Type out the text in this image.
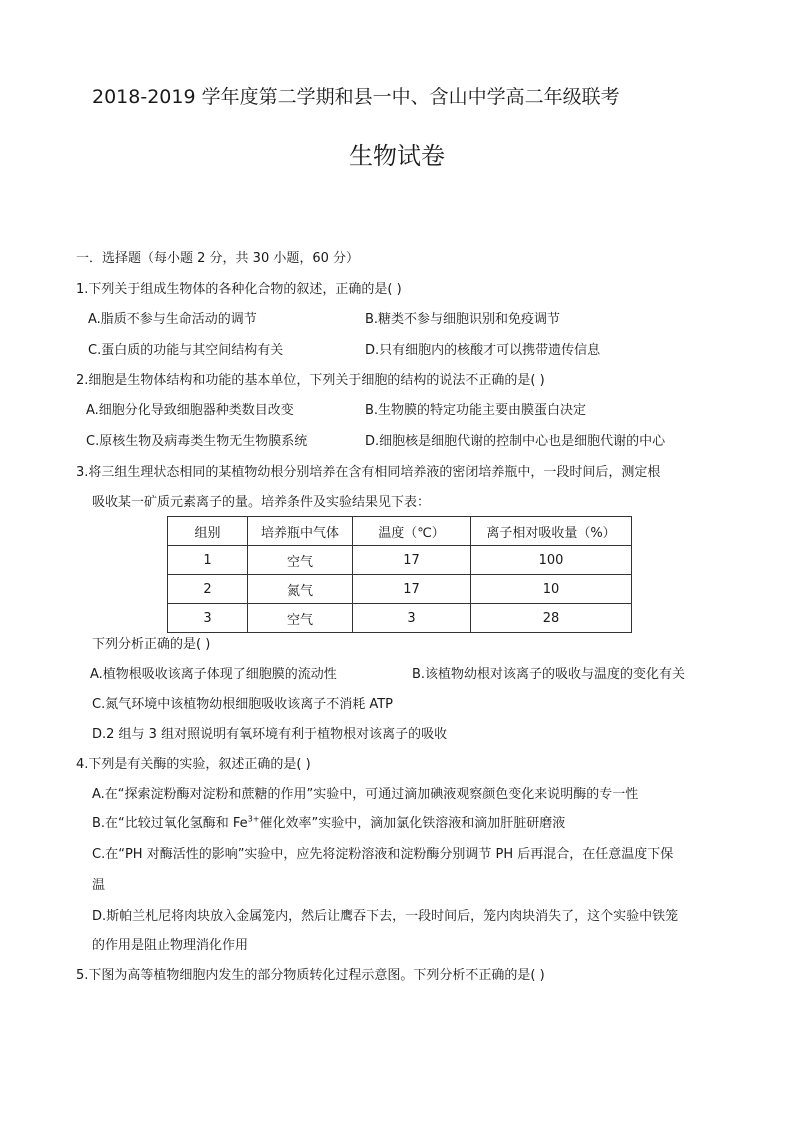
2018-2019 学年度第二学期和县一中、含山中学高二年级联考
生物试卷
一．选择题（每小题 2 分，共 30 小题，60 分）
1.下列关于组成生物体的各种化合物的叙述，正确的是( )
A.脂质不参与生命活动的调节	B.糖类不参与细胞识别和免疫调节
C.蛋白质的功能与其空间结构有关	D.只有细胞内的核酸才可以携带遗传信息
2.细胞是生物体结构和功能的基本单位，下列关于细胞的结构的说法不正确的是( )
A.细胞分化导致细胞器种类数目改变	B.生物膜的特定功能主要由膜蛋白决定
C.原核生物及病毒类生物无生物膜系统	D.细胞核是细胞代谢的控制中心也是细胞代谢的中心
3.将三组生理状态相同的某植物幼根分别培养在含有相同培养液的密闭培养瓶中，一段时间后，测定根
吸收某一矿质元素离子的量。培养条件及实验结果见下表：
组别	培养瓶中气体	温度（℃）	离子相对吸收量（%）
1	空气	17	100
2	氮气	17	10
3	空气	3	28
下列分析正确的是( )
A.植物根吸收该离子体现了细胞膜的流动性	B.该植物幼根对该离子的吸收与温度的变化有关
C.氮气环境中该植物幼根细胞吸收该离子不消耗 ATP
D.2 组与 3 组对照说明有氧环境有利于植物根对该离子的吸收
4.下列是有关酶的实验，叙述正确的是( )
A.在“探索淀粉酶对淀粉和蔗糖的作用”实验中，可通过滴加碘液观察颜色变化来说明酶的专一性
B.在“比较过氧化氢酶和 $Fe^{3+}$催化效率”实验中，滴加氯化铁溶液和滴加肝脏研磨液
C.在“PH 对酶活性的影响”实验中，应先将淀粉溶液和淀粉酶分别调节 PH 后再混合，在任意温度下保
温
D.斯帕兰札尼将肉块放入金属笼内，然后让鹰吞下去，一段时间后，笼内肉块消失了，这个实验中铁笼
的作用是阻止物理消化作用
5.下图为高等植物细胞内发生的部分物质转化过程示意图。下列分析不正确的是( )
